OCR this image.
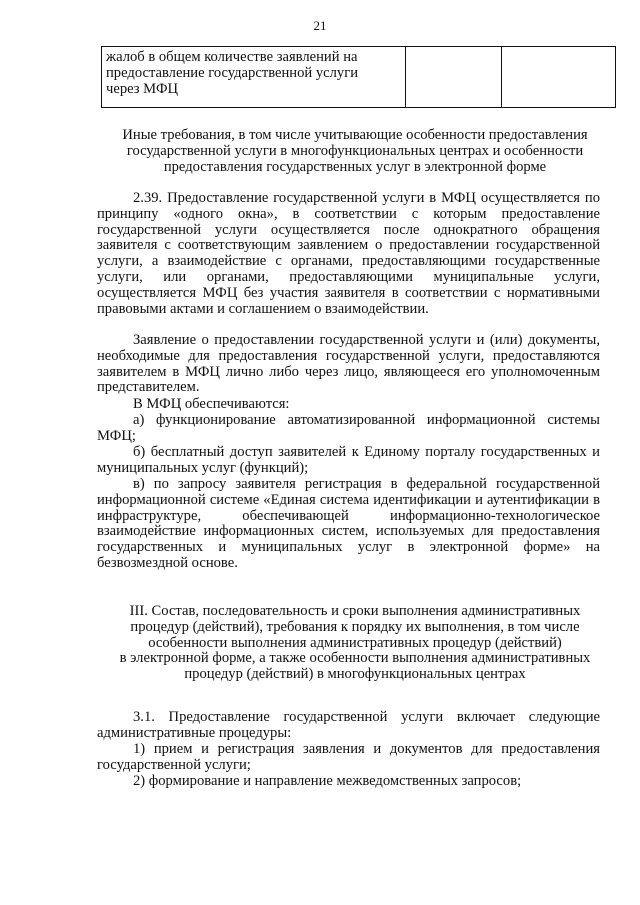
21
жалоб в общем количестве заявлений на
предоставление государственной услуги
через МФЦ
Иные требования, в том числе учитывающие особенности предоставления
государственной услуги в многофункциональных центрах и особенности
предоставления государственных услуг в электронной форме
2.39. Предоставление государственной услуги в МФЦ осуществляется по принципу «одного окна», в соответствии с которым предоставление государственной услуги осуществляется после однократного обращения заявителя с соответствующим заявлением о предоставлении государственной услуги, а взаимодействие с органами, предоставляющими государственные услуги, или органами, предоставляющими муниципальные услуги, осуществляется МФЦ без участия заявителя в соответствии с нормативными правовыми актами и соглашением о взаимодействии.
Заявление о предоставлении государственной услуги и (или) документы, необходимые для предоставления государственной услуги, предоставляются заявителем в МФЦ лично либо через лицо, являющееся его уполномоченным представителем.
В МФЦ обеспечиваются:
а) функционирование автоматизированной информационной системы МФЦ;
б) бесплатный доступ заявителей к Единому порталу государственных и муниципальных услуг (функций);
в) по запросу заявителя регистрация в федеральной государственной информационной системе «Единая система идентификации и аутентификации в инфраструктуре, обеспечивающей информационно-технологическое взаимодействие информационных систем, используемых для предоставления государственных и муниципальных услуг в электронной форме» на безвозмездной основе.
III. Состав, последовательность и сроки выполнения административных
процедур (действий), требования к порядку их выполнения, в том числе
особенности выполнения административных процедур (действий)
в электронной форме, а также особенности выполнения административных
процедур (действий) в многофункциональных центрах
3.1. Предоставление государственной услуги включает следующие административные процедуры:
1) прием и регистрация заявления и документов для предоставления государственной услуги;
2) формирование и направление межведомственных запросов;
